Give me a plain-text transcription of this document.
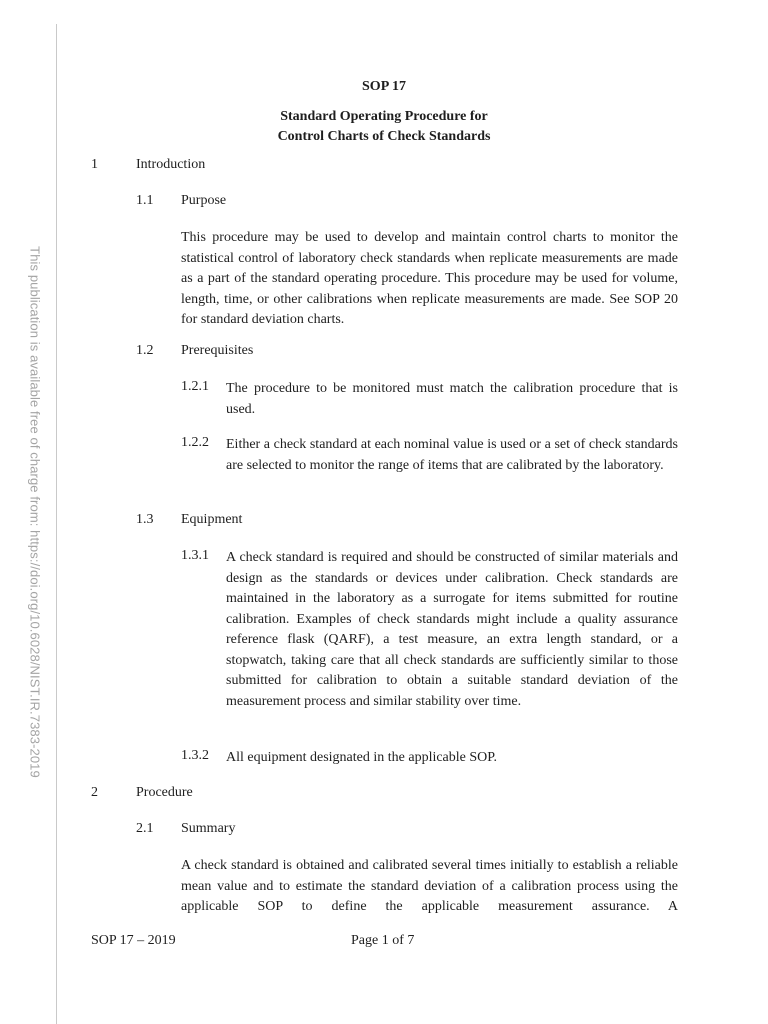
This publication is available free of charge from: https://doi.org/10.6028/NIST.IR.7383-2019
SOP 17
Standard Operating Procedure for
Control Charts of Check Standards
1	Introduction
1.1 Purpose
This procedure may be used to develop and maintain control charts to monitor the statistical control of laboratory check standards when replicate measurements are made as a part of the standard operating procedure. This procedure may be used for volume, length, time, or other calibrations when replicate measurements are made. See SOP 20 for standard deviation charts.
1.2 Prerequisites
1.2.1 The procedure to be monitored must match the calibration procedure that is used.
1.2.2 Either a check standard at each nominal value is used or a set of check standards are selected to monitor the range of items that are calibrated by the laboratory.
1.3 Equipment
1.3.1 A check standard is required and should be constructed of similar materials and design as the standards or devices under calibration. Check standards are maintained in the laboratory as a surrogate for items submitted for routine calibration. Examples of check standards might include a quality assurance reference flask (QARF), a test measure, an extra length standard, or a stopwatch, taking care that all check standards are sufficiently similar to those submitted for calibration to obtain a suitable standard deviation of the measurement process and similar stability over time.
1.3.2 All equipment designated in the applicable SOP.
2	Procedure
2.1 Summary
A check standard is obtained and calibrated several times initially to establish a reliable mean value and to estimate the standard deviation of a calibration process using the applicable SOP to define the applicable measurement assurance. A
SOP 17 – 2019	Page 1 of 7
